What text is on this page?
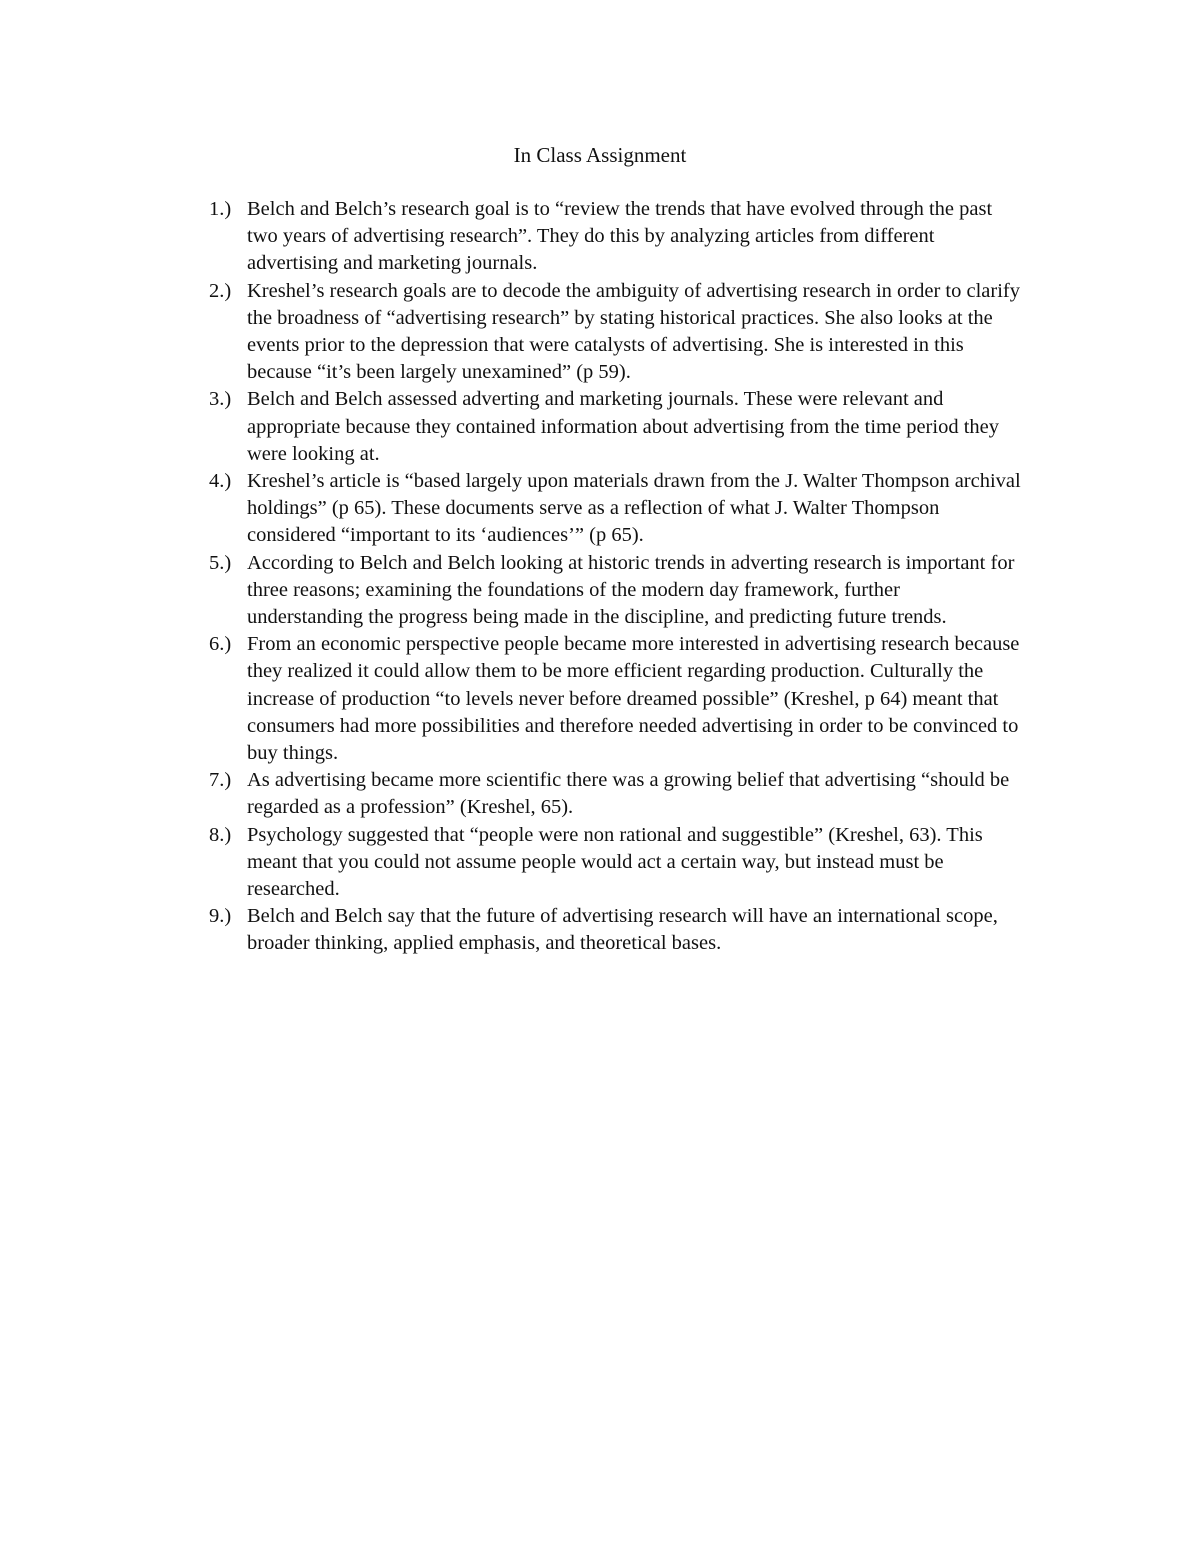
In Class Assignment
1.) Belch and Belch’s research goal is to “review the trends that have evolved through the past two years of advertising research”. They do this by analyzing articles from different advertising and marketing journals.
2.) Kreshel’s research goals are to decode the ambiguity of advertising research in order to clarify the broadness of “advertising research” by stating historical practices. She also looks at the events prior to the depression that were catalysts of advertising. She is interested in this because “it’s been largely unexamined” (p 59).
3.) Belch and Belch assessed adverting and marketing journals. These were relevant and appropriate because they contained information about advertising from the time period they were looking at.
4.) Kreshel’s article is “based largely upon materials drawn from the J. Walter Thompson archival holdings” (p 65). These documents serve as a reflection of what J. Walter Thompson considered “important to its ‘audiences’” (p 65).
5.) According to Belch and Belch looking at historic trends in adverting research is important for three reasons; examining the foundations of the modern day framework, further understanding the progress being made in the discipline, and predicting future trends.
6.) From an economic perspective people became more interested in advertising research because they realized it could allow them to be more efficient regarding production. Culturally the increase of production “to levels never before dreamed possible” (Kreshel, p 64) meant that consumers had more possibilities and therefore needed advertising in order to be convinced to buy things.
7.) As advertising became more scientific there was a growing belief that advertising “should be regarded as a profession” (Kreshel, 65).
8.) Psychology suggested that “people were non rational and suggestible” (Kreshel, 63). This meant that you could not assume people would act a certain way, but instead must be researched.
9.) Belch and Belch say that the future of advertising research will have an international scope, broader thinking, applied emphasis, and theoretical bases.
